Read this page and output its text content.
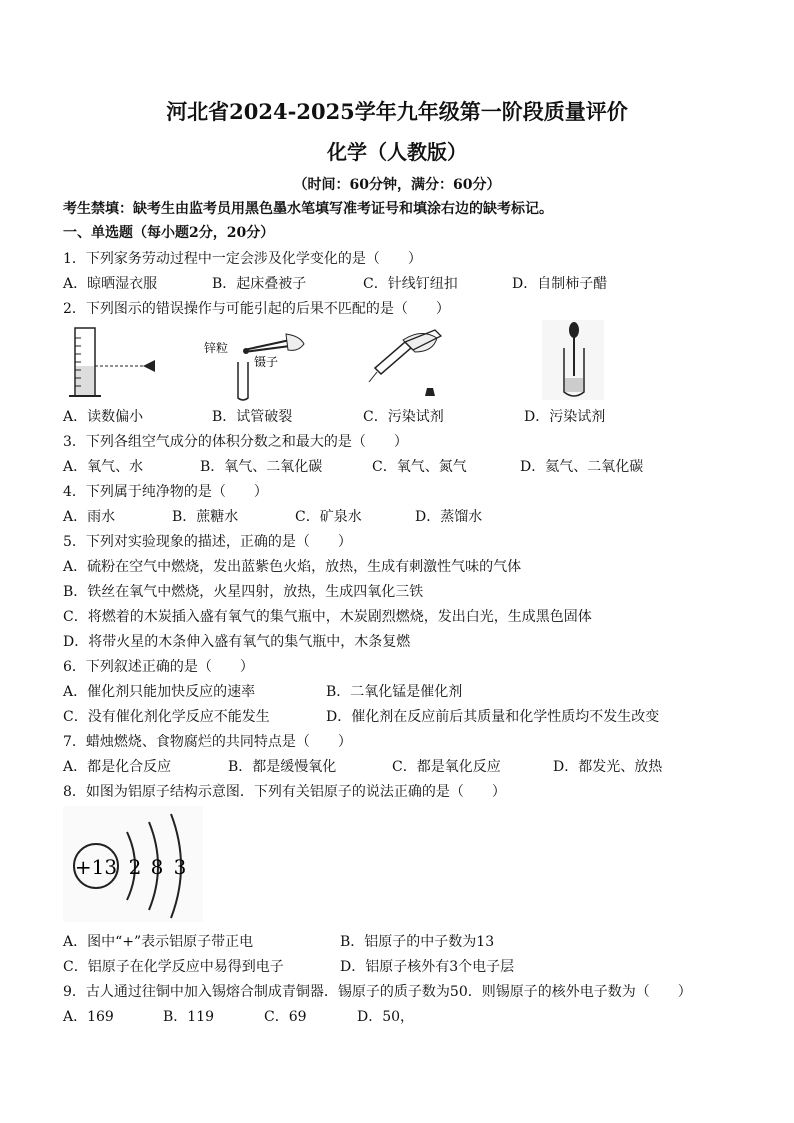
河北省2024-2025学年九年级第一阶段质量评价
化学（人教版）
（时间：60分钟，满分：60分）
考生禁填：缺考生由监考员用黑色墨水笔填写准考证号和填涂右边的缺考标记。
一、单选题（每小题2分，20分）
1．下列家务劳动过程中一定会涉及化学变化的是（　　）
A．晾晒湿衣服	B．起床叠被子	C．针线钉纽扣	D．自制柿子醋
2．下列图示的错误操作与可能引起的后果不匹配的是（　　）
锌粒
镊子
A．读数偏小	B．试管破裂	C．污染试剂	D．污染试剂
3．下列各组空气成分的体积分数之和最大的是（　　）
A．氧气、水	B．氧气、二氧化碳	C．氧气、氮气	D．氦气、二氧化碳
4．下列属于纯净物的是（　　）
A．雨水	B．蔗糖水	C．矿泉水	D．蒸馏水
5．下列对实验现象的描述，正确的是（　　）
A．硫粉在空气中燃烧，发出蓝紫色火焰，放热，生成有刺激性气味的气体
B．铁丝在氧气中燃烧，火星四射，放热，生成四氧化三铁
C．将燃着的木炭插入盛有氧气的集气瓶中，木炭剧烈燃烧，发出白光，生成黑色固体
D．将带火星的木条伸入盛有氧气的集气瓶中，木条复燃
6．下列叙述正确的是（　　）
A．催化剂只能加快反应的速率	B．二氧化锰是催化剂
C．没有催化剂化学反应不能发生	D．催化剂在反应前后其质量和化学性质均不发生改变
7．蜡烛燃烧、食物腐烂的共同特点是（　　）
A．都是化合反应	B．都是缓慢氧化	C．都是氧化反应	D．都发光、放热
8．如图为铝原子结构示意图．下列有关铝原子的说法正确的是（　　）
+13 2 8 3
A．图中“+”表示铝原子带正电	B．铝原子的中子数为13
C．铝原子在化学反应中易得到电子	D．铝原子核外有3个电子层
9．古人通过往铜中加入锡熔合制成青铜器．锡原子的质子数为50．则锡原子的核外电子数为（　　）
A．169	B．119	C．69	D．50，
